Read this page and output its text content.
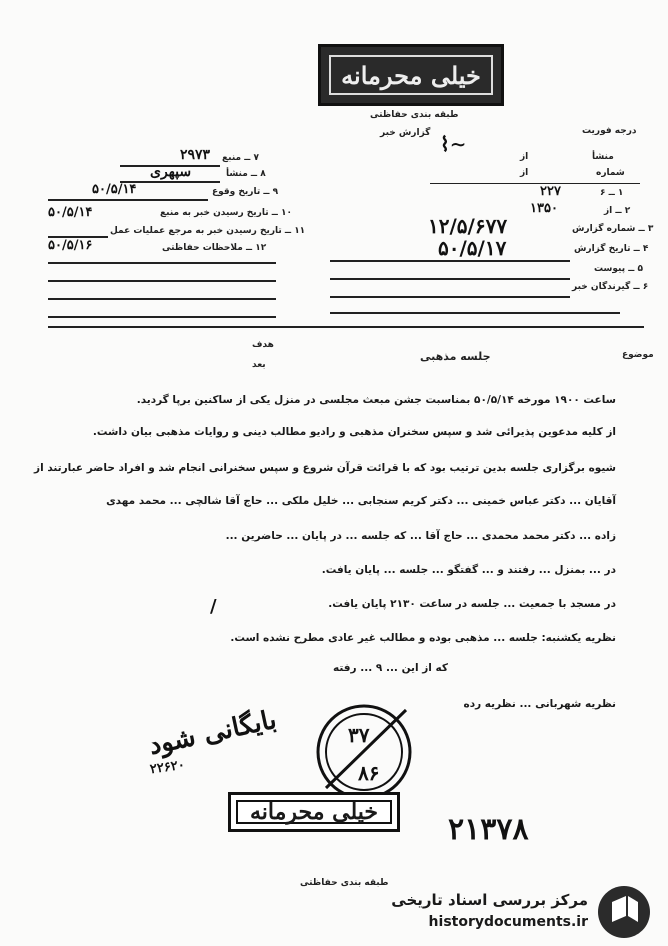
خیلی محرمانه
طبقه بندی حفاظتی
گزارش خبر	درجه فوریت
۷ ــ منبع
۲۹۷۳
۸ ــ منشأ
سپهری
۹ ــ تاریخ وقوع
۵۰/۵/۱۴
۱۰ ــ تاریخ رسیدن خبر به منبع
۵۰/۵/۱۴
۱۱ ــ تاریخ رسیدن خبر به مرجع عملیات عمل
۱۲ ــ ملاحظات حفاظتی
۵۰/۵/۱۶
منشأ
از
شماره
از
⌇∼
۱ ــ ۶
۲۲۷
۲ ــ از
۱۳۵۰
۳ ــ شماره گزارش
۱۲/۵/۶۷۷
۴ ــ تاریخ گزارش
۵۰/۵/۱۷
۵ ــ پیوست
۶ ــ گیرندگان خبر
موضوع
جلسه مذهبی
هدف
بعد
ساعت ۱۹۰۰ مورخه ۵۰/۵/۱۴ بمناسبت جشن مبعث مجلسی در منزل یکی از ساکنین برپا گردید.
از کلیه مدعوین پذیرائی شد و سپس سخنران مذهبی و رادیو مطالب دینی و روایات مذهبی بیان داشت.
شیوه برگزاری جلسه بدین ترتیب بود که با قرائت قرآن شروع و سپس سخنرانی انجام شد و افراد حاضر عبارتند از
آقایان ... دکتر عباس خمینی ... دکتر کریم سنجابی ... خلیل ملکی ... حاج آقا شالچی ... محمد مهدی
زاده ... دکتر محمد محمدی ... حاج آقا ... که جلسه ... در پایان ... حاضرین ...
در ... بمنزل ... رفتند و ... گفتگو ... جلسه ... پایان یافت.
در مسجد با جمعیت ... جلسه در ساعت ۲۱۳۰ پایان یافت.
نظریه یکشنبه: جلسه ... مذهبی بوده و مطالب غیر عادی مطرح نشده است.
که از این ... ۹ ... رفته
/
نظریه شهربانی ... نظریه رده
بایگانی شود
۲۲۶۲۰
۳۷
۸۶
خیلی محرمانه ۲۱۳۷۸
طبقه بندی حفاظتی
مرکز بررسی اسناد تاریخی
historydocuments.ir
